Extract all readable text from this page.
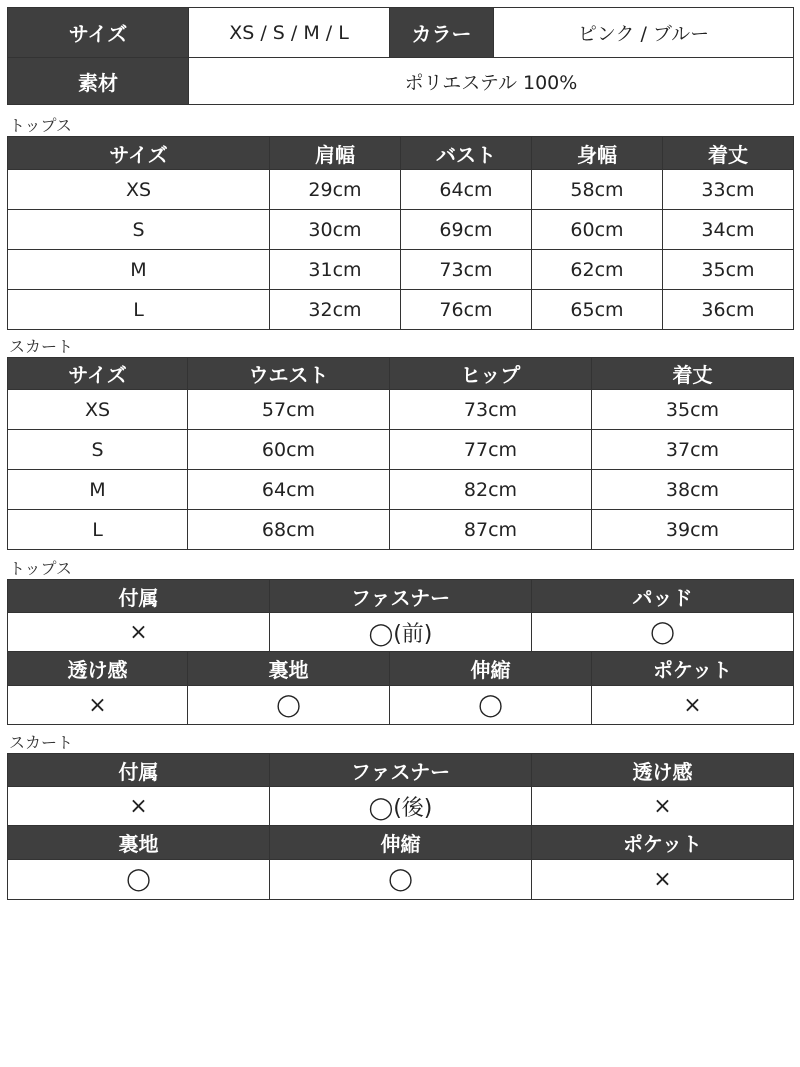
サイズ	XS / S / M / L	カラー	ピンク / ブルー
素材	ポリエステル 100%		
トップス
サイズ	肩幅	バスト	身幅	着丈
XS	29cm	64cm	58cm	33cm
S	30cm	69cm	60cm	34cm
M	31cm	73cm	62cm	35cm
L	32cm	76cm	65cm	36cm
スカート
サイズ	ウエスト	ヒップ	着丈
XS	57cm	73cm	35cm
S	60cm	77cm	37cm
M	64cm	82cm	38cm
L	68cm	87cm	39cm
トップス
付属	ファスナー	パッド
×	◯(前)	◯
透け感	裏地	伸縮	ポケット
×	◯	◯	×
スカート
付属	ファスナー	透け感
×	◯(後)	×
裏地	伸縮	ポケット
◯	◯	×
